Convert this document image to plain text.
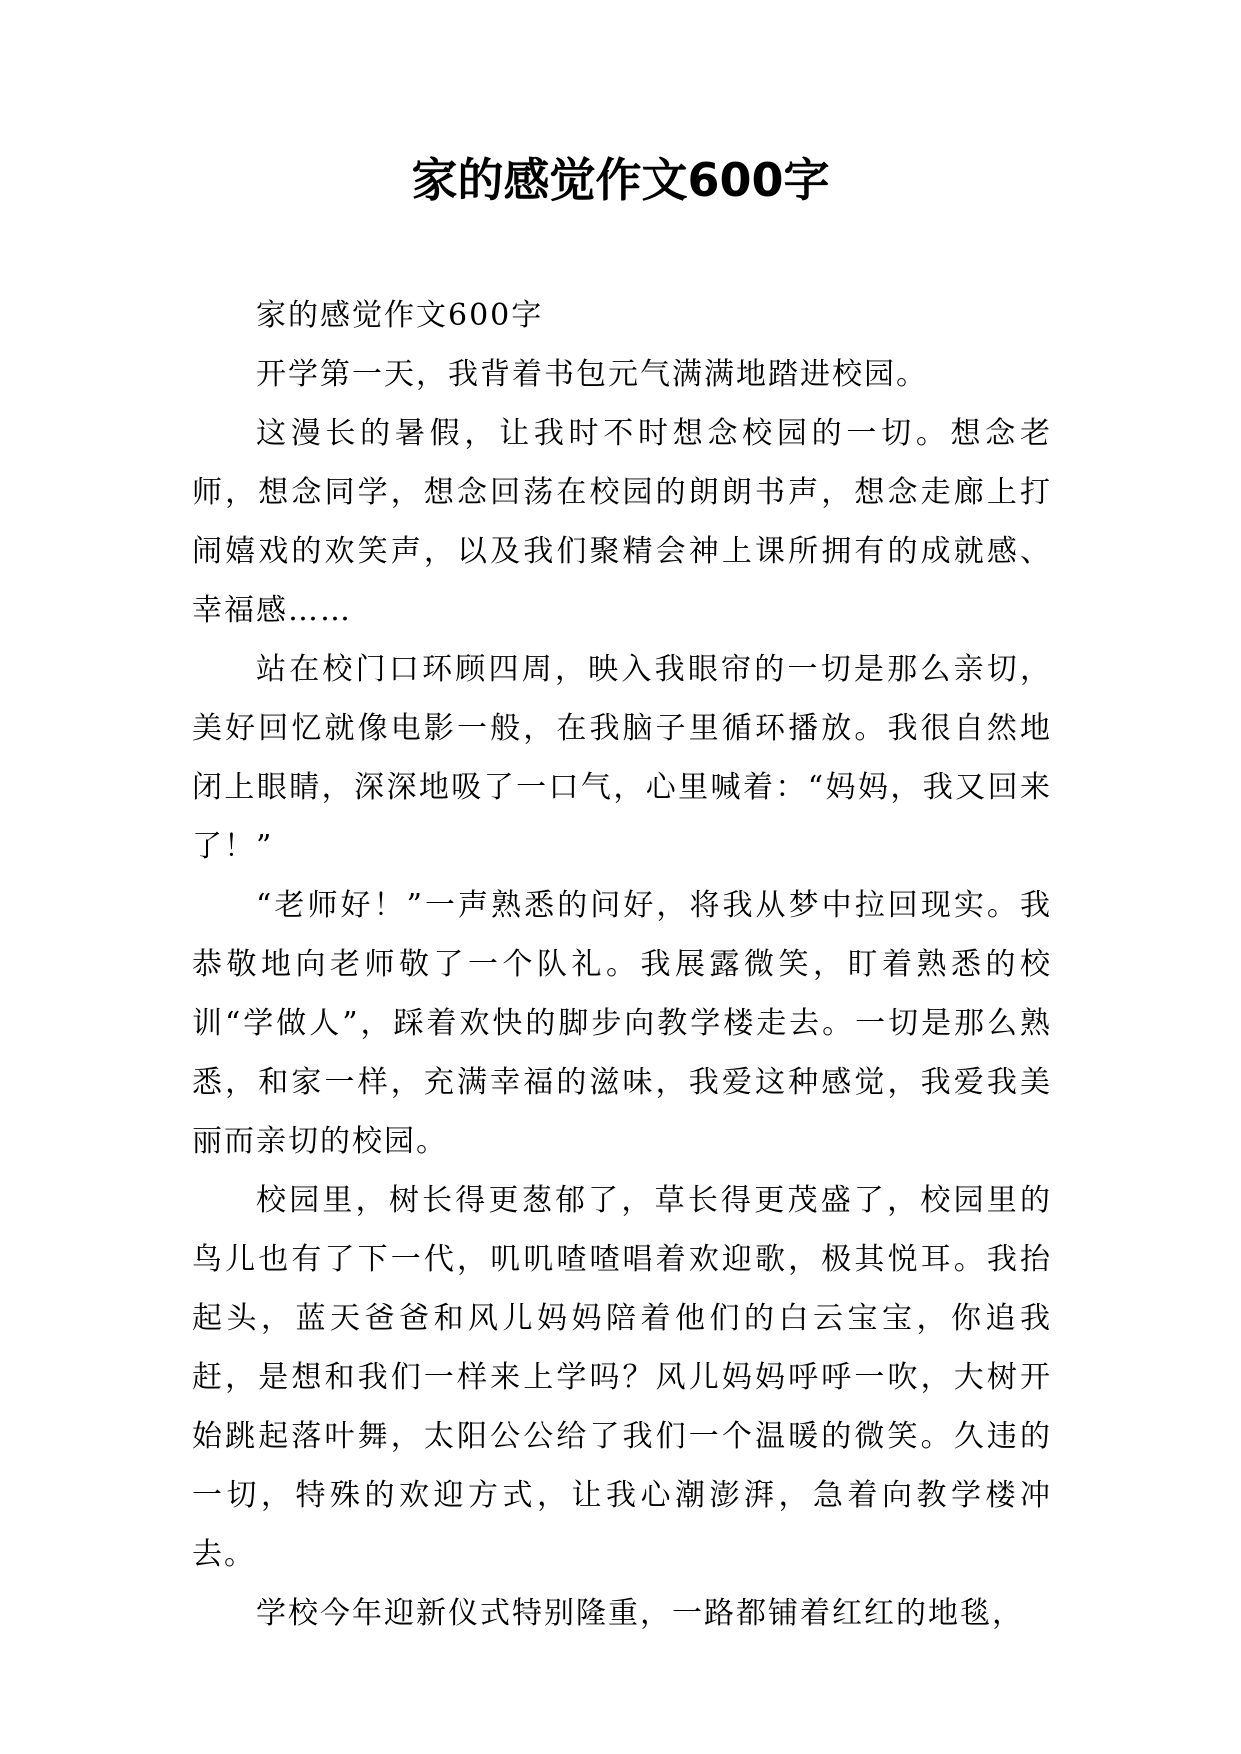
家的感觉作文600字

家的感觉作文600字

开学第一天，我背着书包元气满满地踏进校园。

这漫长的暑假，让我时不时想念校园的一切。想念老师，想念同学，想念回荡在校园的朗朗书声，想念走廊上打闹嬉戏的欢笑声，以及我们聚精会神上课所拥有的成就感、幸福感……

站在校门口环顾四周，映入我眼帘的一切是那么亲切，美好回忆就像电影一般，在我脑子里循环播放。我很自然地闭上眼睛，深深地吸了一口气，心里喊着：“妈妈，我又回来了！”

“老师好！”一声熟悉的问好，将我从梦中拉回现实。我恭敬地向老师敬了一个队礼。我展露微笑，盯着熟悉的校训“学做人”，踩着欢快的脚步向教学楼走去。一切是那么熟悉，和家一样，充满幸福的滋味，我爱这种感觉，我爱我美丽而亲切的校园。

校园里，树长得更葱郁了，草长得更茂盛了，校园里的鸟儿也有了下一代，叽叽喳喳唱着欢迎歌，极其悦耳。我抬起头，蓝天爸爸和风儿妈妈陪着他们的白云宝宝，你追我赶，是想和我们一样来上学吗？风儿妈妈呼呼一吹，大树开始跳起落叶舞，太阳公公给了我们一个温暖的微笑。久违的一切，特殊的欢迎方式，让我心潮澎湃，急着向教学楼冲去。

学校今年迎新仪式特别隆重，一路都铺着红红的地毯，
